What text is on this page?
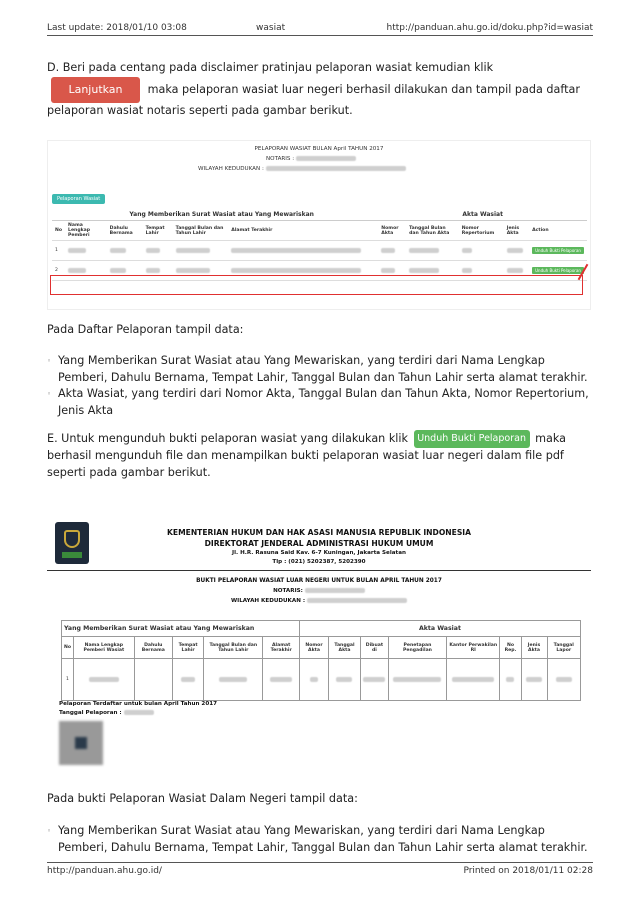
Last update: 2018/01/10 03:08	wasiat	http://panduan.ahu.go.id/doku.php?id=wasiat
D. Beri pada centang pada disclaimer pratinjau pelaporan wasiat kemudian klik Lanjutkan maka pelaporan wasiat luar negeri berhasil dilakukan dan tampil pada daftar pelaporan wasiat notaris seperti pada gambar berikut.
PELAPORAN WASIAT BULAN April TAHUN 2017
NOTARIS :
WILAYAH KEDUDUKAN :
Pelaporan Wasiat
	Yang Memberikan Surat Wasiat atau Yang Mewariskan					Akta Wasiat				
No	Nama Lengkap Pemberi	Dahulu Bernama	Tempat Lahir	Tanggal Bulan dan Tahun Lahir	Alamat Terakhir	Nomor Akta	Tanggal Bulan dan Tahun Akta	Nomor Repertorium	Jenis Akta	Action
1										Unduh Bukti Pelaporan
2										Unduh Bukti Pelaporan
Pada Daftar Pelaporan tampil data:
◦ Yang Memberikan Surat Wasiat atau Yang Mewariskan, yang terdiri dari Nama Lengkap Pemberi, Dahulu Bernama, Tempat Lahir, Tanggal Bulan dan Tahun Lahir serta alamat terakhir.
◦ Akta Wasiat, yang terdiri dari Nomor Akta, Tanggal Bulan dan Tahun Akta, Nomor Repertorium, Jenis Akta
E. Untuk mengunduh bukti pelaporan wasiat yang dilakukan klik Unduh Bukti Pelaporan maka berhasil mengunduh file dan menampilkan bukti pelaporan wasiat luar negeri dalam file pdf seperti pada gambar berikut.
KEMENTERIAN HUKUM DAN HAK ASASI MANUSIA REPUBLIK INDONESIA
DIREKTORAT JENDERAL ADMINISTRASI HUKUM UMUM
Jl. H.R. Rasuna Said Kav. 6-7 Kuningan, Jakarta Selatan
Tlp : (021) 5202387, 5202390
BUKTI PELAPORAN WASIAT LUAR NEGERI UNTUK BULAN APRIL TAHUN 2017
NOTARIS:
WILAYAH KEDUDUKAN :
Yang Memberikan Surat Wasiat atau Yang Mewariskan						Akta Wasiat							
No	Nama Lengkap Pemberi Wasiat	Dahulu Bernama	Tempat Lahir	Tanggal Bulan dan Tahun Lahir	Alamat Terakhir	Nomor Akta	Tanggal Akta	Dibuat di	Penetapan Pengadilan	Kantor Perwakilan RI	No Rep.	Jenis Akta	Tanggal Lapor
1													
Pelaporan Terdaftar untuk bulan April Tahun 2017
Tanggal Pelaporan :
Pada bukti Pelaporan Wasiat Dalam Negeri tampil data:
◦ Yang Memberikan Surat Wasiat atau Yang Mewariskan, yang terdiri dari Nama Lengkap Pemberi, Dahulu Bernama, Tempat Lahir, Tanggal Bulan dan Tahun Lahir serta alamat terakhir.
http://panduan.ahu.go.id/	Printed on 2018/01/11 02:28
